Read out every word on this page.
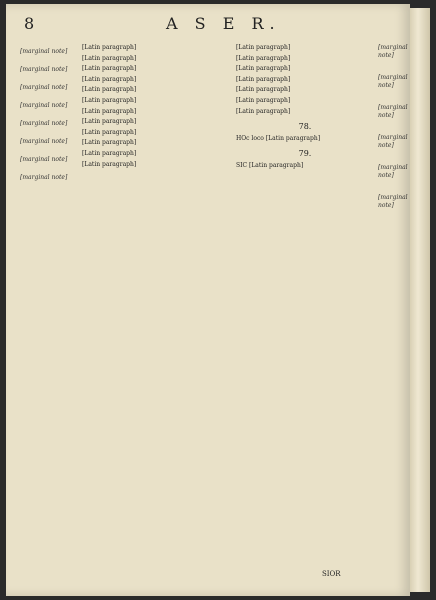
8	A S E R.
[marginal note]
[marginal note]
[marginal note]
[marginal note]
[marginal note]
[marginal note]
[marginal note]
[marginal note]

[Latin paragraph]

[Latin paragraph]

[Latin paragraph]

[Latin paragraph]

[Latin paragraph]

[Latin paragraph]

[Latin paragraph]

[Latin paragraph]

[Latin paragraph]

[Latin paragraph]

[Latin paragraph]

[Latin paragraph]

[Latin paragraph]

[Latin paragraph]

[Latin paragraph]

[Latin paragraph]

[Latin paragraph]

[Latin paragraph]

[Latin paragraph]

78.

HOc loco [Latin paragraph]

79.

SIC [Latin paragraph]

[marginal note]
[marginal note]
[marginal note]
[marginal note]
[marginal note]
[marginal note]
SIOR
